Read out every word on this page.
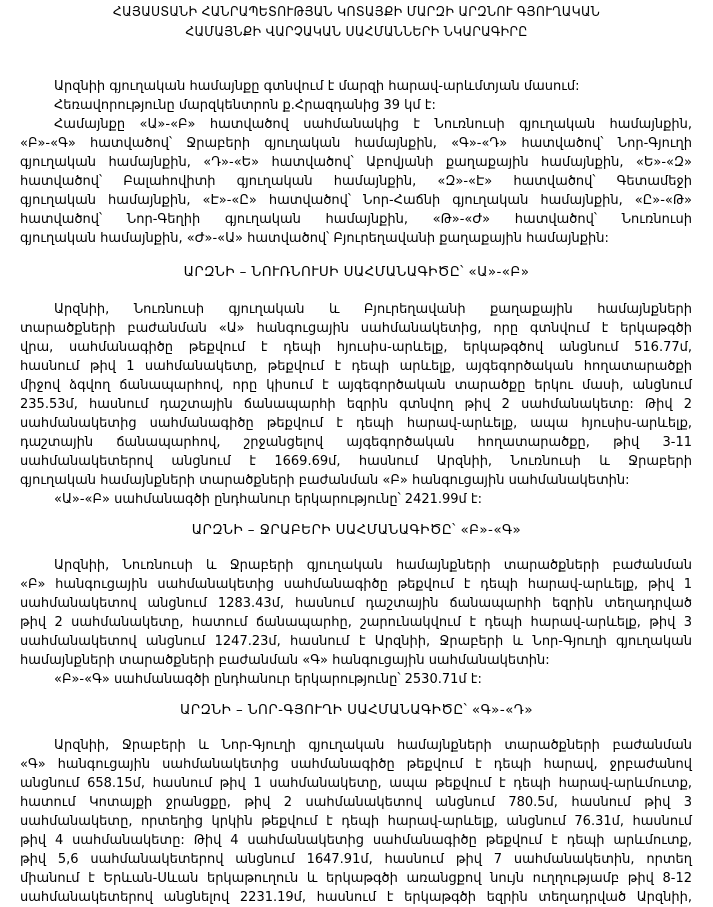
ՀԱՅԱՍՏԱՆԻ ՀԱՆՐԱՊԵՏՈՒԹՅԱՆ ԿՈՏԱՅՔԻ ՄԱՐԶԻ ԱՐԶՆՈՒ ԳՅՈՒՂԱԿԱՆ
ՀԱՄԱՅՆՔԻ ՎԱՐՉԱԿԱՆ ՍԱՀՄԱՆՆԵՐԻ ՆԿԱՐԱԳԻՐԸ
Արզնիի գյուղական համայնքը գտնվում է մարզի հարավ-արևմտյան մասում:
Հեռավորությունը մարզկենտրոն ք.Հրազդանից 39 կմ է:
Համայնքը «Ա»-«Բ» հատվածով սահմանակից է Նուռնուսի գյուղական համայնքին,
«Բ»-«Գ» հատվածով՝ Ջրաբերի գյուղական համայնքին, «Գ»-«Դ» հատվածով՝ Նոր-Գյուղի
գյուղական համայնքին, «Դ»-«Ե» հատվածով՝ Աբովյանի քաղաքային համայնքին, «Ե»-«Զ»
հատվածով՝ Բալահովիտի գյուղական համայնքին, «Զ»-«Է» հատվածով՝ Գետամեջի
գյուղական համայնքին, «Է»-«Ը» հատվածով՝ Նոր-Հաճնի գյուղական համայնքին, «Ը»-«Թ»
հատվածով՝ Նոր-Գեղիի գյուղական համայնքին, «Թ»-«Ժ» հատվածով՝ Նուռնուսի
գյուղական համայնքին, «Ժ»-«Ա» հատվածով՝ Բյուրեղավանի քաղաքային համայնքին:
ԱՐԶՆԻ – ՆՈՒՌՆՈՒՍԻ ՍԱՀՄԱՆԱԳԻԾԸ՝ «Ա»-«Բ»
Արզնիի, Նուռնուսի գյուղական և Բյուրեղավանի քաղաքային համայնքների
տարածքների բաժանման «Ա» հանգուցային սահմանակետից, որը գտնվում է երկաթգծի
վրա, սահմանագիծը թեքվում է դեպի հյուսիս-արևելք, երկաթգծով անցնում 516.77մ,
հասնում թիվ 1 սահմանակետը, թեքվում է դեպի արևելք, այգեգործական հողատարածքի
միջով ձգվող ճանապարհով, որը կիսում է այգեգործական տարածքը երկու մասի, անցնում
235.53մ, հասնում դաշտային ճանապարհի եզրին գտնվող թիվ 2 սահմանակետը: Թիվ 2
սահմանակետից սահմանագիծը թեքվում է դեպի հարավ-արևելք, ապա հյուսիս-արևելք,
դաշտային ճանապարհով, շրջանցելով այգեգործական հողատարածքը, թիվ 3-11
սահմանակետերով անցնում է 1669.69մ, հասնում Արզնիի, Նուռնուսի և Ջրաբերի
գյուղական համայնքների տարածքների բաժանման «Բ» հանգուցային սահմանակետին:
«Ա»-«Բ» սահմանագծի ընդհանուր երկարությունը՝ 2421.99մ է:
ԱՐԶՆԻ – ՋՐԱԲԵՐԻ ՍԱՀՄԱՆԱԳԻԾԸ՝ «Բ»-«Գ»
Արզնիի, Նուռնուսի և Ջրաբերի գյուղական համայնքների տարածքների բաժանման
«Բ» հանգուցային սահմանակետից սահմանագիծը թեքվում է դեպի հարավ-արևելք, թիվ 1
սահմանակետով անցնում 1283.43մ, հասնում դաշտային ճանապարհի եզրին տեղադրված
թիվ 2 սահմանակետը, հատում ճանապարհը, շարունակվում է դեպի հարավ-արևելք, թիվ 3
սահմանակետով անցնում 1247.23մ, հասնում է Արզնիի, Ջրաբերի և Նոր-Գյուղի գյուղական
համայնքների տարածքների բաժանման «Գ» հանգուցային սահմանակետին:
«Բ»-«Գ» սահմանագծի ընդհանուր երկարությունը՝ 2530.71մ է:
ԱՐԶՆԻ – ՆՈՐ-ԳՅՈՒՂԻ ՍԱՀՄԱՆԱԳԻԾԸ՝ «Գ»-«Դ»
Արզնիի, Ջրաբերի և Նոր-Գյուղի գյուղական համայնքների տարածքների բաժանման
«Գ» հանգուցային սահմանակետից սահմանագիծը թեքվում է դեպի հարավ, ջրբաժանով
անցնում 658.15մ, հասնում թիվ 1 սահմանակետը, ապա թեքվում է դեպի հարավ-արևմուտք,
հատում Կոտայքի ջրանցքը, թիվ 2 սահմանակետով անցնում 780.5մ, հասնում թիվ 3
սահմանակետը, որտեղից կրկին թեքվում է դեպի հարավ-արևելք, անցնում 76.31մ, հասնում
թիվ 4 սահմանակետը: Թիվ 4 սահմանակետից սահմանագիծը թեքվում է դեպի արևմուտք,
թիվ 5,6 սահմանակետերով անցնում 1647.91մ, հասնում թիվ 7 սահմանակետին, որտեղ
միանում է Երևան-Սևան երկաթուղուն և երկաթգծի առանցքով նույն ուղղությամբ թիվ 8-12
սահմանակետերով անցնելով 2231.19մ, հասնում է երկաթգծի եզրին տեղադրված Արզնիի,
